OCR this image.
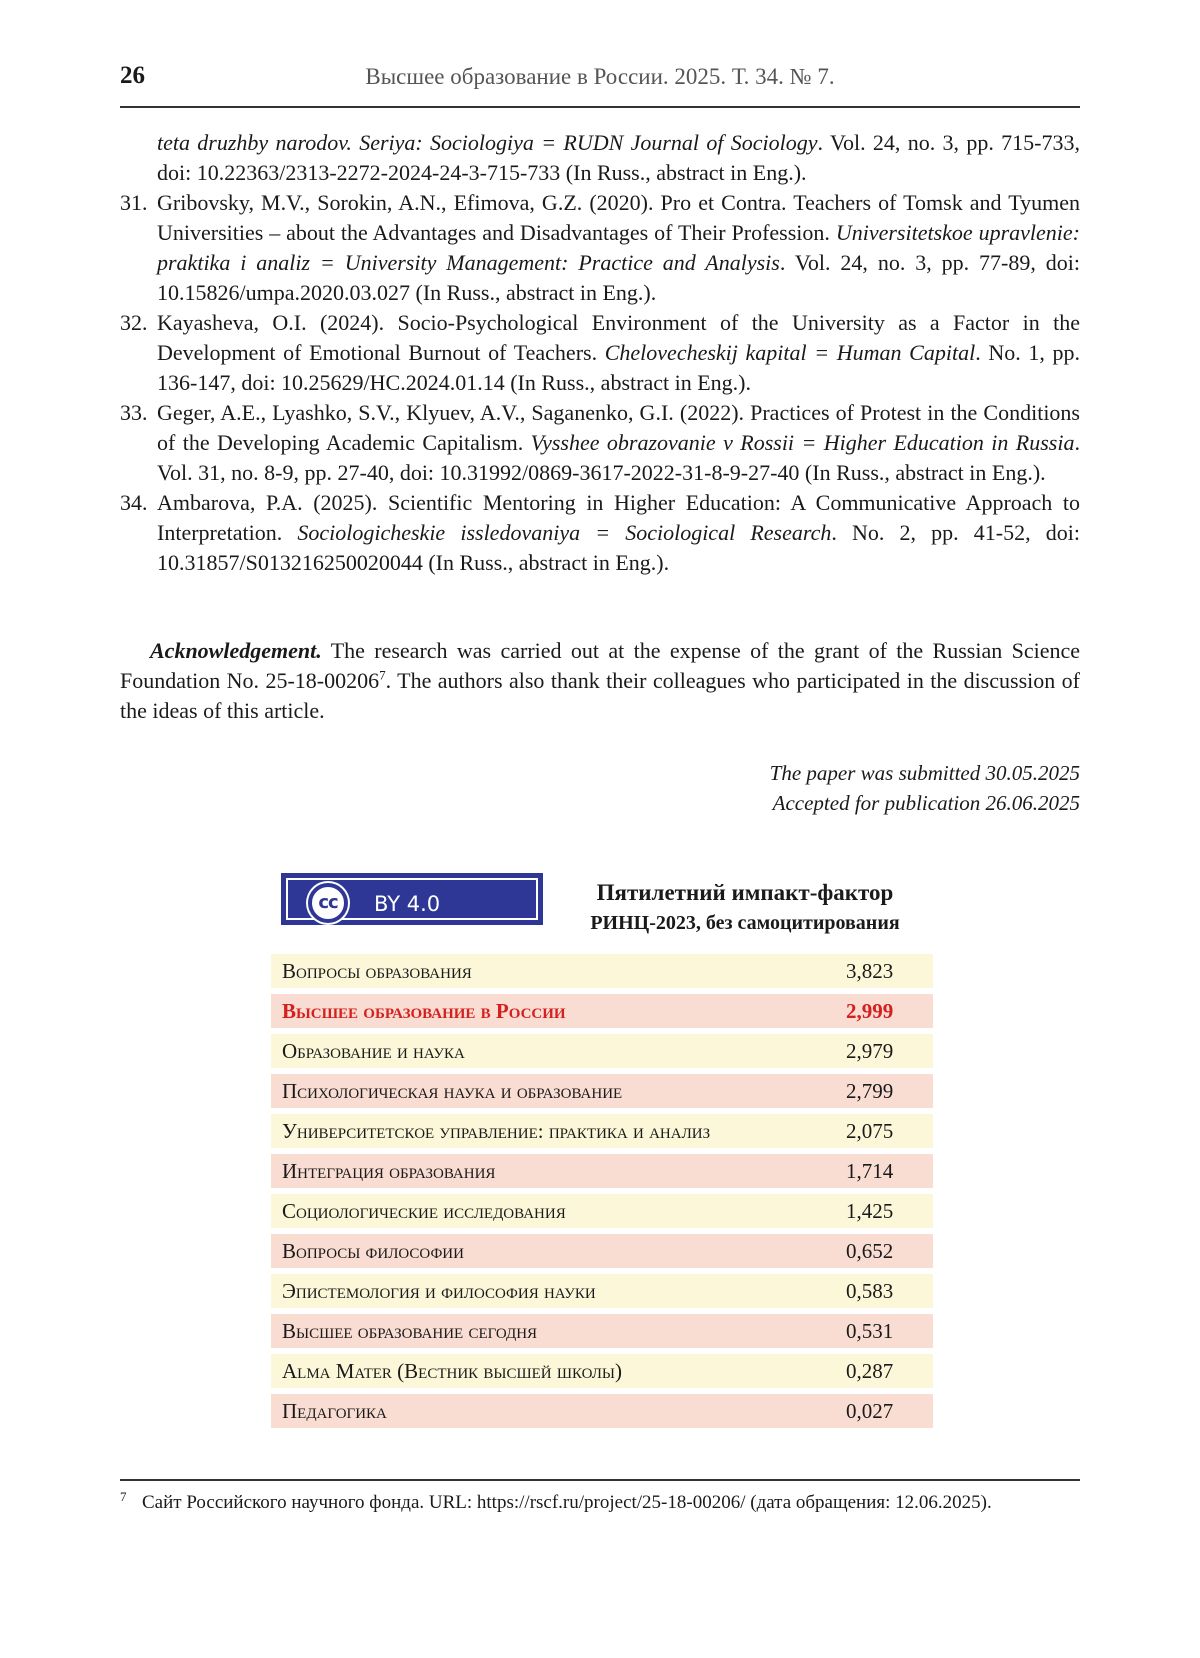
26	Высшее образование в России. 2025. Т. 34. № 7.
teta druzhby narodov. Seriya: Sociologiya = RUDN Journal of Sociology. Vol. 24, no. 3, pp. 715-733, doi: 10.22363/2313-2272-2024-24-3-715-733 (In Russ., abstract in Eng.).
31. Gribovsky, M.V., Sorokin, A.N., Efimova, G.Z. (2020). Pro et Contra. Teachers of Tomsk and Tyumen Universities – about the Advantages and Disadvantages of Their Profession. Universitetskoe upravlenie: praktika i analiz = University Management: Practice and Analysis. Vol. 24, no. 3, pp. 77-89, doi: 10.15826/umpa.2020.03.027 (In Russ., abstract in Eng.).
32. Kayasheva, O.I. (2024). Socio-Psychological Environment of the University as a Factor in the Development of Emotional Burnout of Teachers. Chelovecheskij kapital = Human Capital. No. 1, pp. 136-147, doi: 10.25629/HC.2024.01.14 (In Russ., abstract in Eng.).
33. Geger, A.E., Lyashko, S.V., Klyuev, A.V., Saganenko, G.I. (2022). Practices of Protest in the Conditions of the Developing Academic Capitalism. Vysshee obrazovanie v Rossii = Higher Education in Russia. Vol. 31, no. 8-9, pp. 27-40, doi: 10.31992/0869-3617-2022-31-8-9-27-40 (In Russ., abstract in Eng.).
34. Ambarova, P.A. (2025). Scientific Mentoring in Higher Education: A Communicative Approach to Interpretation. Sociologicheskie issledovaniya = Sociological Research. No. 2, pp. 41-52, doi: 10.31857/S013216250020044 (In Russ., abstract in Eng.).

Acknowledgement. The research was carried out at the expense of the grant of the Russian Science Foundation No. 25-18-00206$^7$. The authors also thank their colleagues who participated in the discussion of the ideas of this article.

The paper was submitted 30.05.2025
Accepted for publication 26.06.2025
cc	BY 4.0	Пятилетний импакт-фактор
РИНЦ-2023, без самоцитирования
Вопросы образования	3,823
Высшее образование в России	2,999
Образование и наука	2,979
Психологическая наука и образование	2,799
Университетское управление: практика и анализ	2,075
Интеграция образования	1,714
Социологические исследования	1,425
Вопросы философии	0,652
Эпистемология и философия науки	0,583
Высшее образование сегодня	0,531
Alma Mater (Вестник высшей школы)	0,287
Педагогика	0,027
7 Сайт Российского научного фонда. URL: https://rscf.ru/project/25-18-00206/ (дата обращения: 12.06.2025).
